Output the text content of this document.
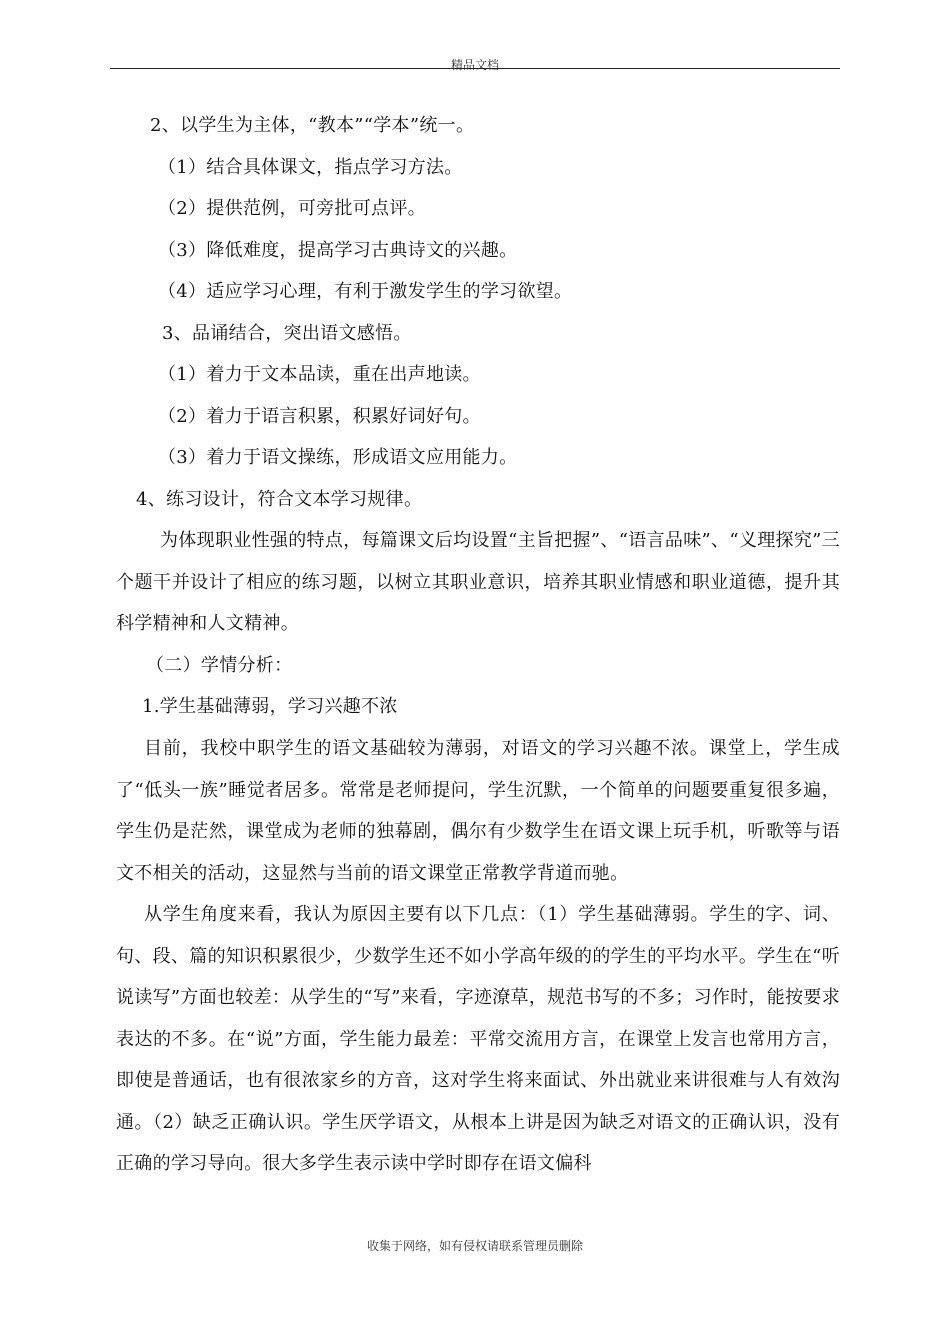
精品文档
2、以学生为主体，“教本”“学本”统一。
（1）结合具体课文，指点学习方法。
（2）提供范例，可旁批可点评。
（3）降低难度，提高学习古典诗文的兴趣。
（4）适应学习心理，有利于激发学生的学习欲望。
3、品诵结合，突出语文感悟。
（1）着力于文本品读，重在出声地读。
（2）着力于语言积累，积累好词好句。
（3）着力于语文操练，形成语文应用能力。
4、练习设计，符合文本学习规律。
为体现职业性强的特点，每篇课文后均设置“主旨把握”、“语言品味”、“义理探究”三个题干并设计了相应的练习题，以树立其职业意识，培养其职业情感和职业道德，提升其科学精神和人文精神。
（二）学情分析：
1.学生基础薄弱，学习兴趣不浓
目前，我校中职学生的语文基础较为薄弱，对语文的学习兴趣不浓。课堂上，学生成了“低头一族”睡觉者居多。常常是老师提问，学生沉默，一个简单的问题要重复很多遍，学生仍是茫然，课堂成为老师的独幕剧，偶尔有少数学生在语文课上玩手机，听歌等与语文不相关的活动，这显然与当前的语文课堂正常教学背道而驰。
从学生角度来看，我认为原因主要有以下几点：（1）学生基础薄弱。学生的字、词、句、段、篇的知识积累很少，少数学生还不如小学高年级的的学生的平均水平。学生在“听说读写”方面也较差：从学生的“写”来看，字迹潦草，规范书写的不多；习作时，能按要求表达的不多。在“说”方面，学生能力最差：平常交流用方言，在课堂上发言也常用方言，即使是普通话，也有很浓家乡的方音，这对学生将来面试、外出就业来讲很难与人有效沟通。（2）缺乏正确认识。学生厌学语文，从根本上讲是因为缺乏对语文的正确认识，没有正确的学习导向。很大多学生表示读中学时即存在语文偏科
收集于网络，如有侵权请联系管理员删除
